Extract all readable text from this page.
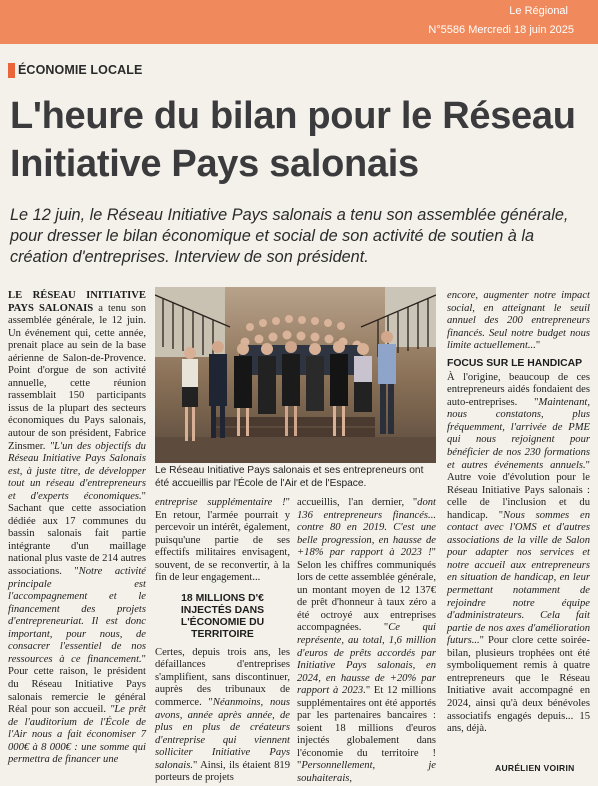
Le Régional
N°5586 Mercredi 18 juin 2025
ÉCONOMIE LOCALE
L'heure du bilan pour le Réseau Initiative Pays salonais
Le 12 juin, le Réseau Initiative Pays salonais a tenu son assemblée générale, pour dresser le bilan économique et social de son activité de soutien à la création d'entreprises. Interview de son président.

LE RÉSEAU INITIATIVE PAYS SALONAIS a tenu son assemblée générale, le 12 juin. Un événement qui, cette année, prenait place au sein de la base aérienne de Salon-de-Provence. Point d'orgue de son activité annuelle, cette réunion rassemblait 150 participants issus de la plupart des secteurs économiques du Pays salonais, autour de son président, Fabrice Zinsmer. "L'un des objectifs du Réseau Initiative Pays Salonais est, à juste titre, de développer tout un réseau d'entrepreneurs et d'experts économiques." Sachant que cette association dédiée aux 17 communes du bassin salonais fait partie intégrante d'un maillage national plus vaste de 214 autres associations. "Notre activité principale est l'accompagnement et le financement des projets d'entrepreneuriat. Il est donc important, pour nous, de consacrer l'essentiel de nos ressources à ce financement." Pour cette raison, le président du Réseau Initiative Pays salonais remercie le général Réal pour son accueil. "Le prêt de l'auditorium de l'École de l'Air nous a fait économiser 7 000€ à 8 000€ : une somme qui permettra de financer une

Le Réseau Initiative Pays salonais et ses entrepreneurs ont été accueillis par l'École de l'Air et de l'Espace.

entreprise supplémentaire !" En retour, l'armée pourrait y percevoir un intérêt, également, puisqu'une partie de ses effectifs militaires envisagent, souvent, de se reconvertir, à la fin de leur engagement...

18 MILLIONS D'€ INJECTÉS DANS L'ÉCONOMIE DU TERRITOIRE

Certes, depuis trois ans, les défaillances d'entreprises s'amplifient, sans discontinuer, auprès des tribunaux de commerce. "Néanmoins, nous avons, année après année, de plus en plus de créateurs d'entreprise qui viennent solliciter Initiative Pays salonais." Ainsi, ils étaient 819 porteurs de projets

accueillis, l'an dernier, "dont 136 entrepreneurs financés... contre 80 en 2019. C'est une belle progression, en hausse de +18% par rapport à 2023 !" Selon les chiffres communiqués lors de cette assemblée générale, un montant moyen de 12 137€ de prêt d'honneur à taux zéro a été octroyé aux entreprises accompagnées. "Ce qui représente, au total, 1,6 million d'euros de prêts accordés par Initiative Pays salonais, en 2024, en hausse de +20% par rapport à 2023." Et 12 millions supplémentaires ont été apportés par les partenaires bancaires : soient 18 millions d'euros injectés globalement dans l'économie du territoire ! "Personnellement, je souhaiterais,

encore, augmenter notre impact social, en atteignant le seuil annuel des 200 entrepreneurs financés. Seul notre budget nous limite actuellement..."

FOCUS SUR LE HANDICAP

À l'origine, beaucoup de ces entrepreneurs aidés fondaient des auto-entreprises. "Maintenant, nous constatons, plus fréquemment, l'arrivée de PME qui nous rejoignent pour bénéficier de nos 230 formations et autres événements annuels." Autre voie d'évolution pour le Réseau Initiative Pays salonais : celle de l'inclusion et du handicap. "Nous sommes en contact avec l'OMS et d'autres associations de la ville de Salon pour adapter nos services et notre accueil aux entrepreneurs en situation de handicap, en leur permettant notamment de rejoindre notre équipe d'administrateurs. Cela fait partie de nos axes d'amélioration futurs..." Pour clore cette soirée-bilan, plusieurs trophées ont été symboliquement remis à quatre entrepreneurs que le Réseau Initiative avait accompagné en 2024, ainsi qu'à deux bénévoles associatifs engagés depuis... 15 ans, déjà.

AURÉLIEN VOIRIN
